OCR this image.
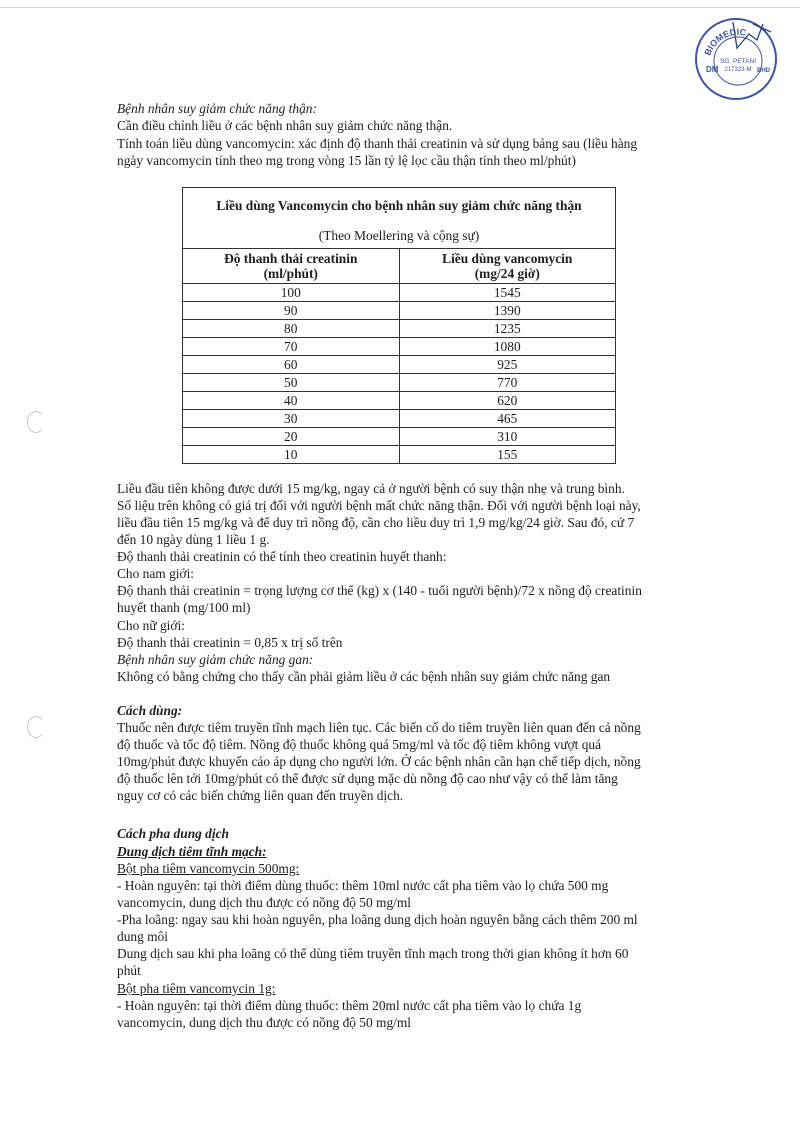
BIOMEDIC
SG. PETANI
217323-M
DM	BHD
Bệnh nhân suy giảm chức năng thận:
Cần điều chỉnh liều ở các bệnh nhân suy giảm chức năng thận.
Tính toán liều dùng vancomycin: xác định độ thanh thải creatinin và sử dụng bảng sau (liều hàng
ngày vancomycin tính theo mg trong vòng 15 lần tỷ lệ lọc cầu thận tính theo ml/phút)
Liều đầu tiên không được dưới 15 mg/kg, ngay cả ở người bệnh có suy thận nhẹ và trung bình.
Số liệu trên không có giá trị đối với người bệnh mất chức năng thận. Đối với người bệnh loại này,
liều đầu tiên 15 mg/kg và để duy trì nồng độ, cần cho liều duy trì 1,9 mg/kg/24 giờ. Sau đó, cứ 7
đến 10 ngày dùng 1 liều 1 g.
Độ thanh thải creatinin có thể tính theo creatinin huyết thanh:
Cho nam giới:
Độ thanh thải creatinin = trọng lượng cơ thể (kg) x (140 - tuổi người bệnh)/72 x nồng độ creatinin
huyết thanh (mg/100 ml)
Cho nữ giới:
Độ thanh thải creatinin = 0,85 x trị số trên
Bệnh nhân suy giảm chức năng gan:
Không có bằng chứng cho thấy cần phải giảm liều ở các bệnh nhân suy giảm chức năng gan
Cách dùng:
Thuốc nên được tiêm truyền tĩnh mạch liên tục. Các biến cố do tiêm truyền liên quan đến cả nồng
độ thuốc và tốc độ tiêm. Nồng độ thuốc không quá 5mg/ml và tốc độ tiêm không vượt quá
10mg/phút được khuyến cáo áp dụng cho người lớn. Ở các bệnh nhân cần hạn chế tiếp dịch, nồng
độ thuốc lên tới 10mg/phút có thể được sử dụng mặc dù nồng độ cao như vậy có thể làm tăng
nguy cơ có các biến chứng liên quan đến truyền dịch.
Cách pha dung dịch
Dung dịch tiêm tĩnh mạch:
Bột pha tiêm vancomycin 500mg:
- Hoàn nguyên: tại thời điểm dùng thuốc: thêm 10ml nước cất pha tiêm vào lọ chứa 500 mg
vancomycin, dung dịch thu được có nồng độ 50 mg/ml
-Pha loãng: ngay sau khi hoàn nguyên, pha loãng dung dịch hoàn nguyên bằng cách thêm 200 ml
dung môi
Dung dịch sau khi pha loãng có thể dùng tiêm truyền tĩnh mạch trong thời gian không ít hơn 60
phút
Bột pha tiêm vancomycin 1g:
- Hoàn nguyên: tại thời điểm dùng thuốc: thêm 20ml nước cất pha tiêm vào lọ chứa 1g
vancomycin, dung dịch thu được có nồng độ 50 mg/ml
Liều dùng Vancomycin cho bệnh nhân suy giảm chức năng thận	
(Theo Moellering và cộng sự)	
Độ thanh thải creatinin
(ml/phút)	Liều dùng vancomycin
(mg/24 giờ)
100	1545
90	1390
80	1235
70	1080
60	925
50	770
40	620
30	465
20	310
10	155
